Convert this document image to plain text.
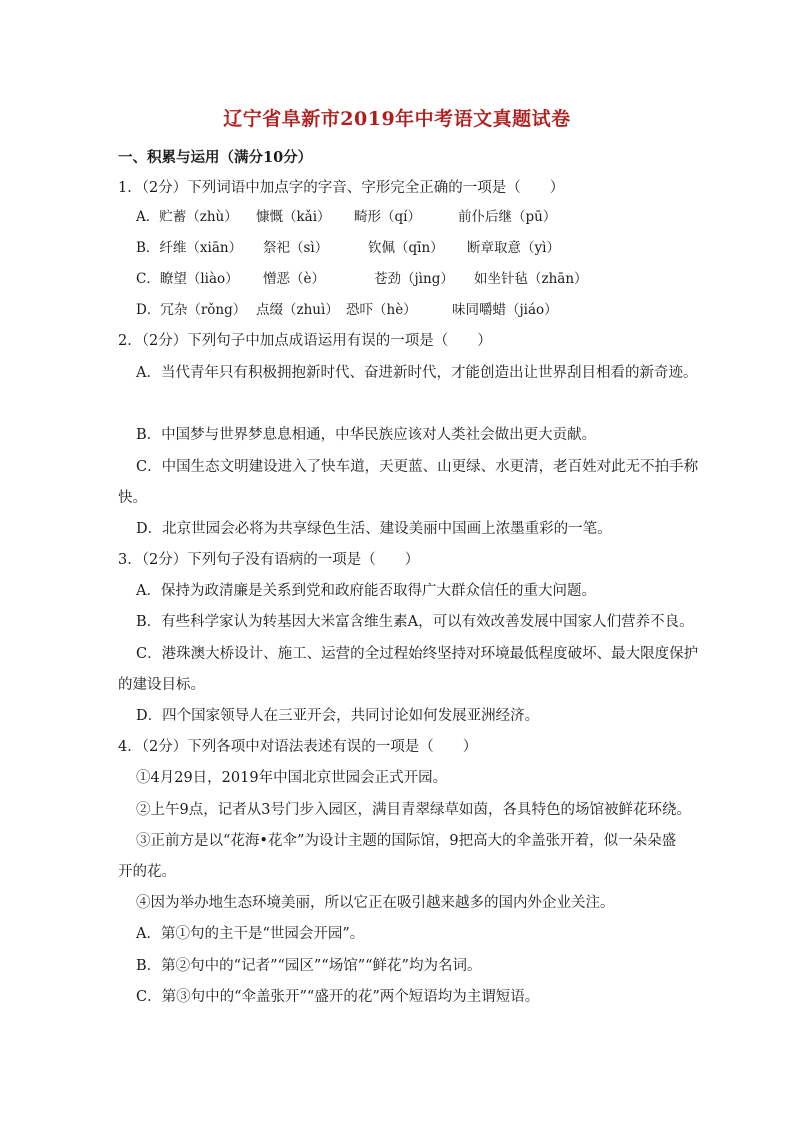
辽宁省阜新市2019年中考语文真题试卷

一、积累与运用（满分10分）

1．（2分）下列词语中加点字的字音、字形完全正确的一项是（　　）

A．贮蓄（zhù） 慷慨（kǎi） 畸形（qí）	前仆后继（pū）
B．纤维（xiān） 祭祀（sì）	钦佩（qīn） 断章取意（yì）
C．瞭望（liào） 憎恶（è）	苍劲（jìng） 如坐针毡（zhān）
D．冗杂（rǒng） 点缀（zhuì） 恐吓（hè）	味同嚼蜡（jiáo）

2．（2分）下列句子中加点成语运用有误的一项是（　　）

A．当代青年只有积极拥抱新时代、奋进新时代，才能创造出让世界刮目相看的新奇迹。

B．中国梦与世界梦息息相通，中华民族应该对人类社会做出更大贡献。

C．中国生态文明建设进入了快车道，天更蓝、山更绿、水更清，老百姓对此无不拍手称

快。

D．北京世园会必将为共享绿色生活、建设美丽中国画上浓墨重彩的一笔。

3．（2分）下列句子没有语病的一项是（　　）

A．保持为政清廉是关系到党和政府能否取得广大群众信任的重大问题。

B．有些科学家认为转基因大米富含维生素A，可以有效改善发展中国家人们营养不良。

C．港珠澳大桥设计、施工、运营的全过程始终坚持对环境最低程度破坏、最大限度保护

的建设目标。

D．四个国家领导人在三亚开会，共同讨论如何发展亚洲经济。

4．（2分）下列各项中对语法表述有误的一项是（　　）

①4月29日，2019年中国北京世园会正式开园。

②上午9点，记者从3号门步入园区，满目青翠绿草如茵，各具特色的场馆被鲜花环绕。

③正前方是以“花海•花伞”为设计主题的国际馆，9把高大的伞盖张开着，似一朵朵盛

开的花。

④因为举办地生态环境美丽，所以它正在吸引越来越多的国内外企业关注。

A．第①句的主干是“世园会开园”。

B．第②句中的“记者”“园区”“场馆”“鲜花”均为名词。

C．第③句中的“伞盖张开”“盛开的花”两个短语均为主谓短语。
